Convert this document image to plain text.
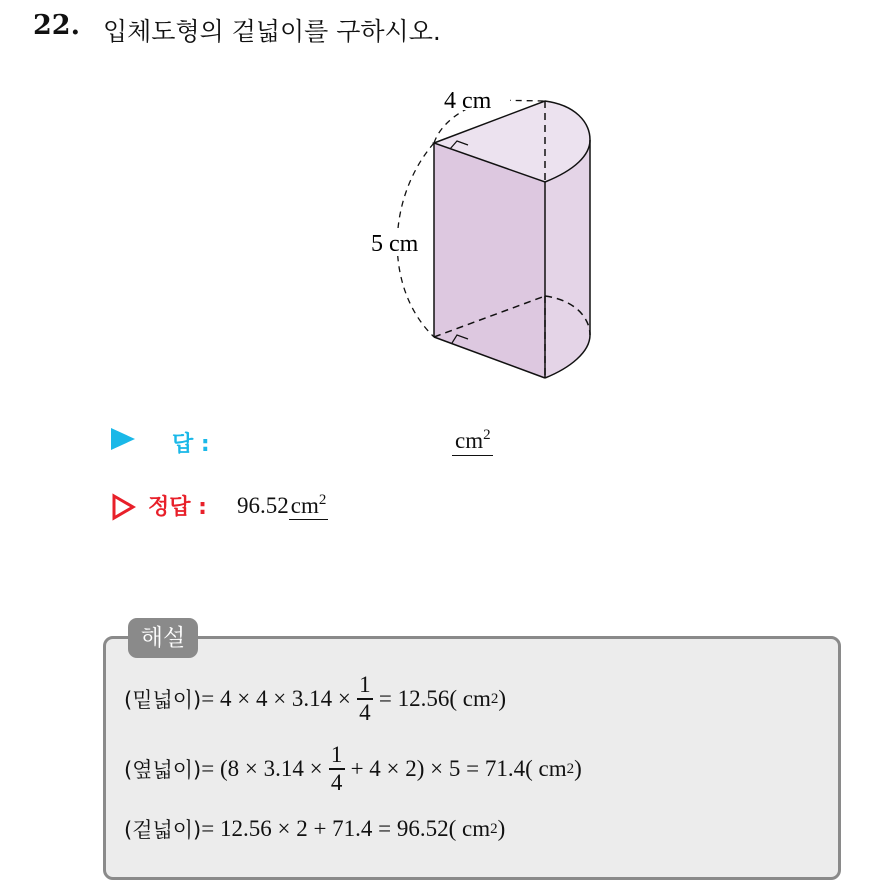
22. 입체도형의 겉넓이를 구하시오.
4 cm
5 cm
답 :	$cm^2$
정답 : $96.52cm^2$
해설
(밑넓이) = $4 \times 4 \times 3.14 \times \frac{1}{4} = 12.56$( cm 2 )
(옆넓이) = $(8 \times 3.14 \times \frac{1}{4} + 4 \times 2) \times 5 = 71.4$( cm 2 )
(겉넓이) = 12.56 × 2 + 71.4 = 96.52( cm 2 )
